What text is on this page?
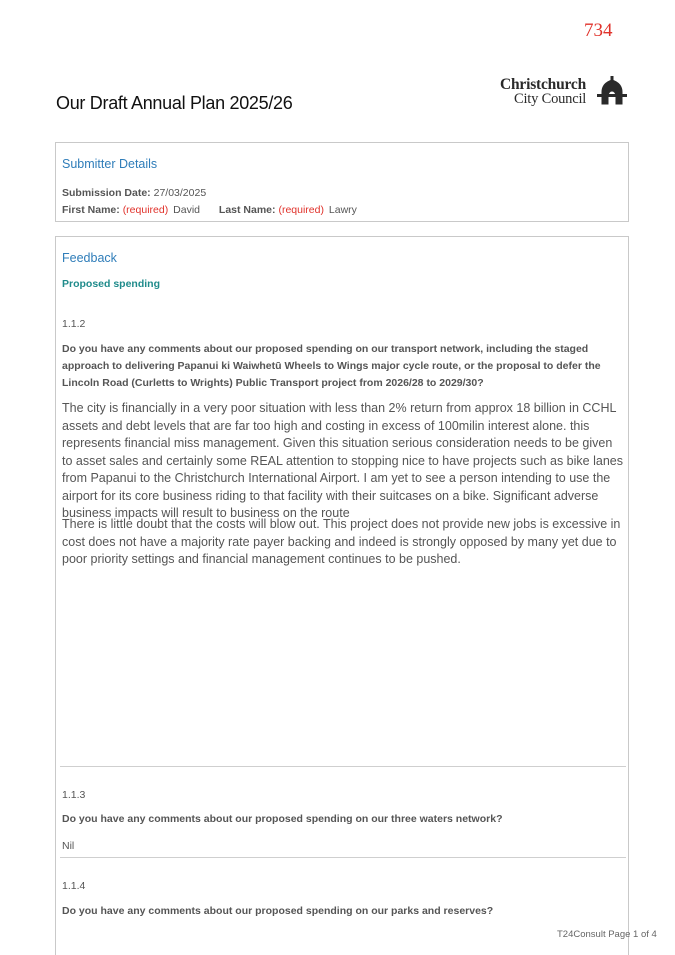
734
Our Draft Annual Plan 2025/26
Christchurch
City Council
Submitter Details
Submission Date: 27/03/2025
First Name: (required) David Last Name: (required) Lawry
Feedback
Proposed spending
1.1.2
Do you have any comments about our proposed spending on our transport network, including the staged approach to delivering Papanui ki Waiwhetū Wheels to Wings major cycle route, or the proposal to defer the Lincoln Road (Curletts to Wrights) Public Transport project from 2026/28 to 2029/30?
The city is financially in a very poor situation with less than 2% return from approx 18 billion in CCHL assets and debt levels that are far too high and costing in excess of 100milin interest alone. this represents financial miss management. Given this situation serious consideration needs to be given to asset sales and certainly some REAL attention to stopping nice to have projects such as bike lanes from Papanui to the Christchurch International Airport. I am yet to see a person intending to use the airport for its core business riding to that facility with their suitcases on a bike. Significant adverse business impacts will result to business on the route
There is little doubt that the costs will blow out. This project does not provide new jobs is excessive in cost does not have a majority rate payer backing and indeed is strongly opposed by many yet due to poor priority settings and financial management continues to be pushed.
1.1.3
Do you have any comments about our proposed spending on our three waters network?
Nil
1.1.4
Do you have any comments about our proposed spending on our parks and reserves?
T24Consult Page 1 of 4
